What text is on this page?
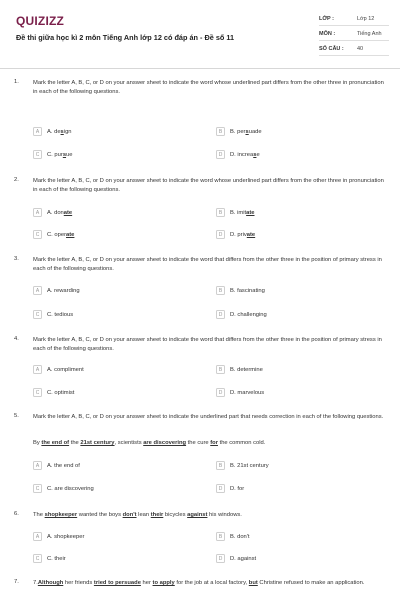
QUIZIZZ
Đề thi giữa học kì 2 môn Tiếng Anh lớp 12 có đáp án - Đề số 11
LỚP :	Lớp 12
MÔN :	Tiếng Anh
SỐ CÂU : 40
1. Mark the letter A, B, C, or D on your answer sheet to indicate the word whose underlined part differs from the other three in pronunciation in each of the following questions.
2. Mark the letter A, B, C, or D on your answer sheet to indicate the word whose underlined part differs from the other three in pronunciation in each of the following questions.
3. Mark the letter A, B, C, or D on your answer sheet to indicate the word that differs from the other three in the position of primary stress in each of the following questions.
4. Mark the letter A, B, C, or D on your answer sheet to indicate the word that differs from the other three in the position of primary stress in each of the following questions.
5. Mark the letter A, B, C, or D on your answer sheet to indicate the underlined part that needs correction in each of the following questions.
By the end of the 21st century, scientists are discovering the cure for the common cold.
6. The shopkeeper wanted the boys don't lean their bicycles against his windows.
7. 7.Although her friends tried to persuade her to apply for the job at a local factory, but Christine refused to make an application.
A	A. design	B	B. persuade
C	C. pursue	D	D. increase
A	A. donate	B	B. imitate
C	C. operate	D	D. private
A	A. rewarding	B	B. fascinating
C	C. tedious	D	D. challenging
A	A. compliment	B	B. determine
C	C. optimist	D	D. marvelous
A	A. the end of	B	B. 21st century
C	C. are discovering	D	D. for
A	A. shopkeeper	B	B. don't
C	C. their	D	D. against
